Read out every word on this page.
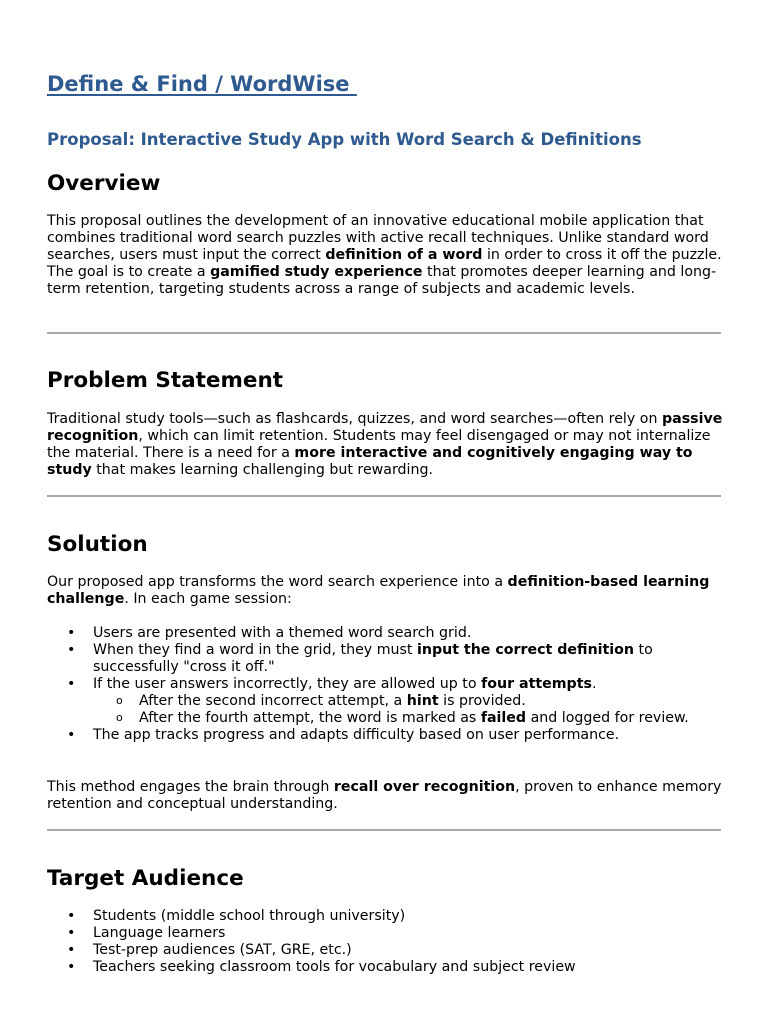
Define & Find / WordWise
Proposal: Interactive Study App with Word Search & Definitions
Overview

This proposal outlines the development of an innovative educational mobile application that combines traditional word search puzzles with active recall techniques. Unlike standard word searches, users must input the correct definition of a word in order to cross it off the puzzle. The goal is to create a gamified study experience that promotes deeper learning and long-term retention, targeting students across a range of subjects and academic levels.

Problem Statement

Traditional study tools—such as flashcards, quizzes, and word searches—often rely on passive recognition, which can limit retention. Students may feel disengaged or may not internalize the material. There is a need for a more interactive and cognitively engaging way to study that makes learning challenging but rewarding.

Solution

Our proposed app transforms the word search experience into a definition-based learning challenge. In each game session:

• Users are presented with a themed word search grid.
• When they find a word in the grid, they must input the correct definition to successfully "cross it off."
• If the user answers incorrectly, they are allowed up to four attempts.
o After the second incorrect attempt, a hint is provided.
o After the fourth attempt, the word is marked as failed and logged for review.
• The app tracks progress and adapts difficulty based on user performance.

This method engages the brain through recall over recognition, proven to enhance memory retention and conceptual understanding.

Target Audience
• Students (middle school through university)
• Language learners
• Test-prep audiences (SAT, GRE, etc.)
• Teachers seeking classroom tools for vocabulary and subject review
